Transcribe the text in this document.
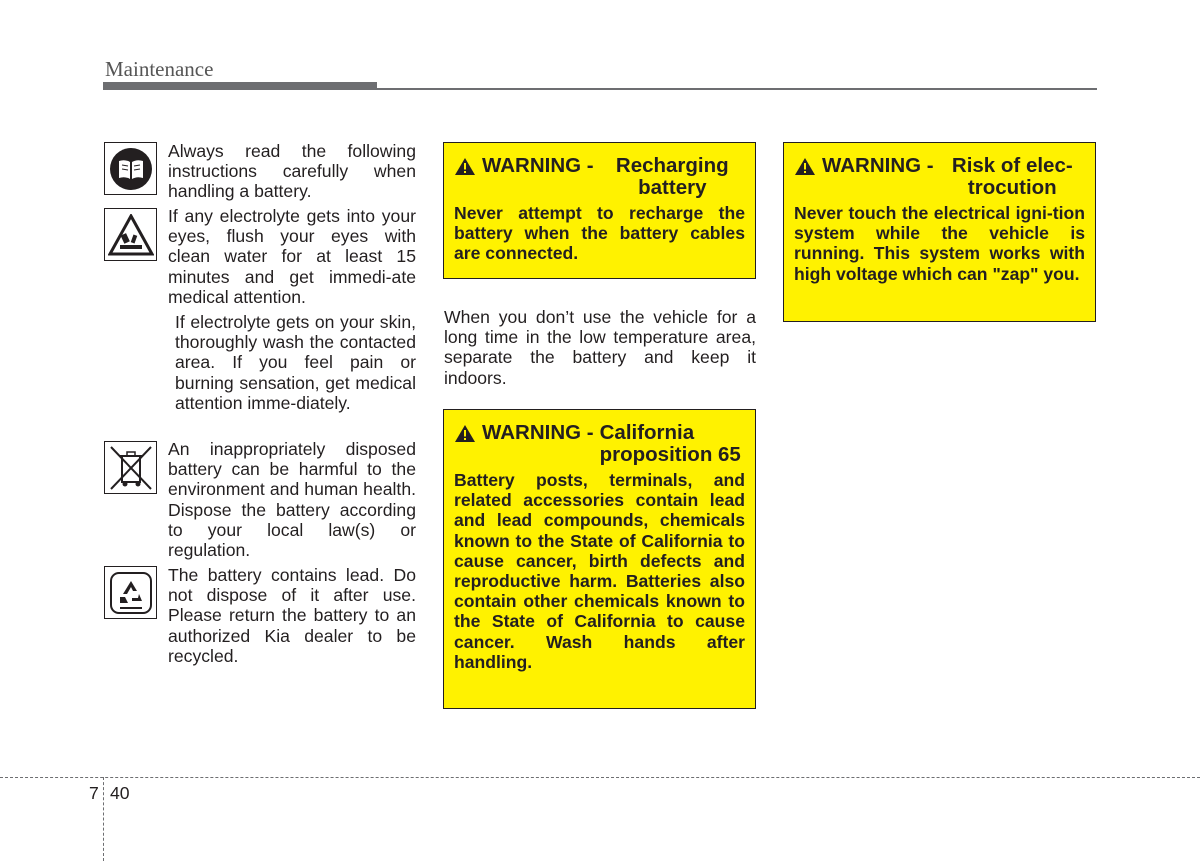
Maintenance
Always read the following instructions carefully when handling a battery.
If any electrolyte gets into your eyes, flush your eyes with clean water for at least 15 minutes and get immedi-ate medical attention.
If electrolyte gets on your skin, thoroughly wash the contacted area. If you feel pain or burning sensation, get medical attention imme-diately.
An inappropriately disposed battery can be harmful to the environment and human health. Dispose the battery according to your local law(s) or regulation.
The battery contains lead. Do not dispose of it after use. Please return the battery to an authorized Kia dealer to be recycled.
WARNING -	Recharging battery
Never attempt to recharge the battery when the battery cables are connected.
When you don’t use the vehicle for a long time in the low temperature area, separate the battery and keep it indoors.
WARNING - California proposition 65
Battery posts, terminals, and related accessories contain lead and lead compounds, chemicals known to the State of California to cause cancer, birth defects and reproductive harm. Batteries also contain other chemicals known to the State of California to cause cancer. Wash hands after handling.
WARNING - Risk of elec-trocution
Never touch the electrical igni-tion system while the vehicle is running. This system works with high voltage which can "zap" you.
7 40
